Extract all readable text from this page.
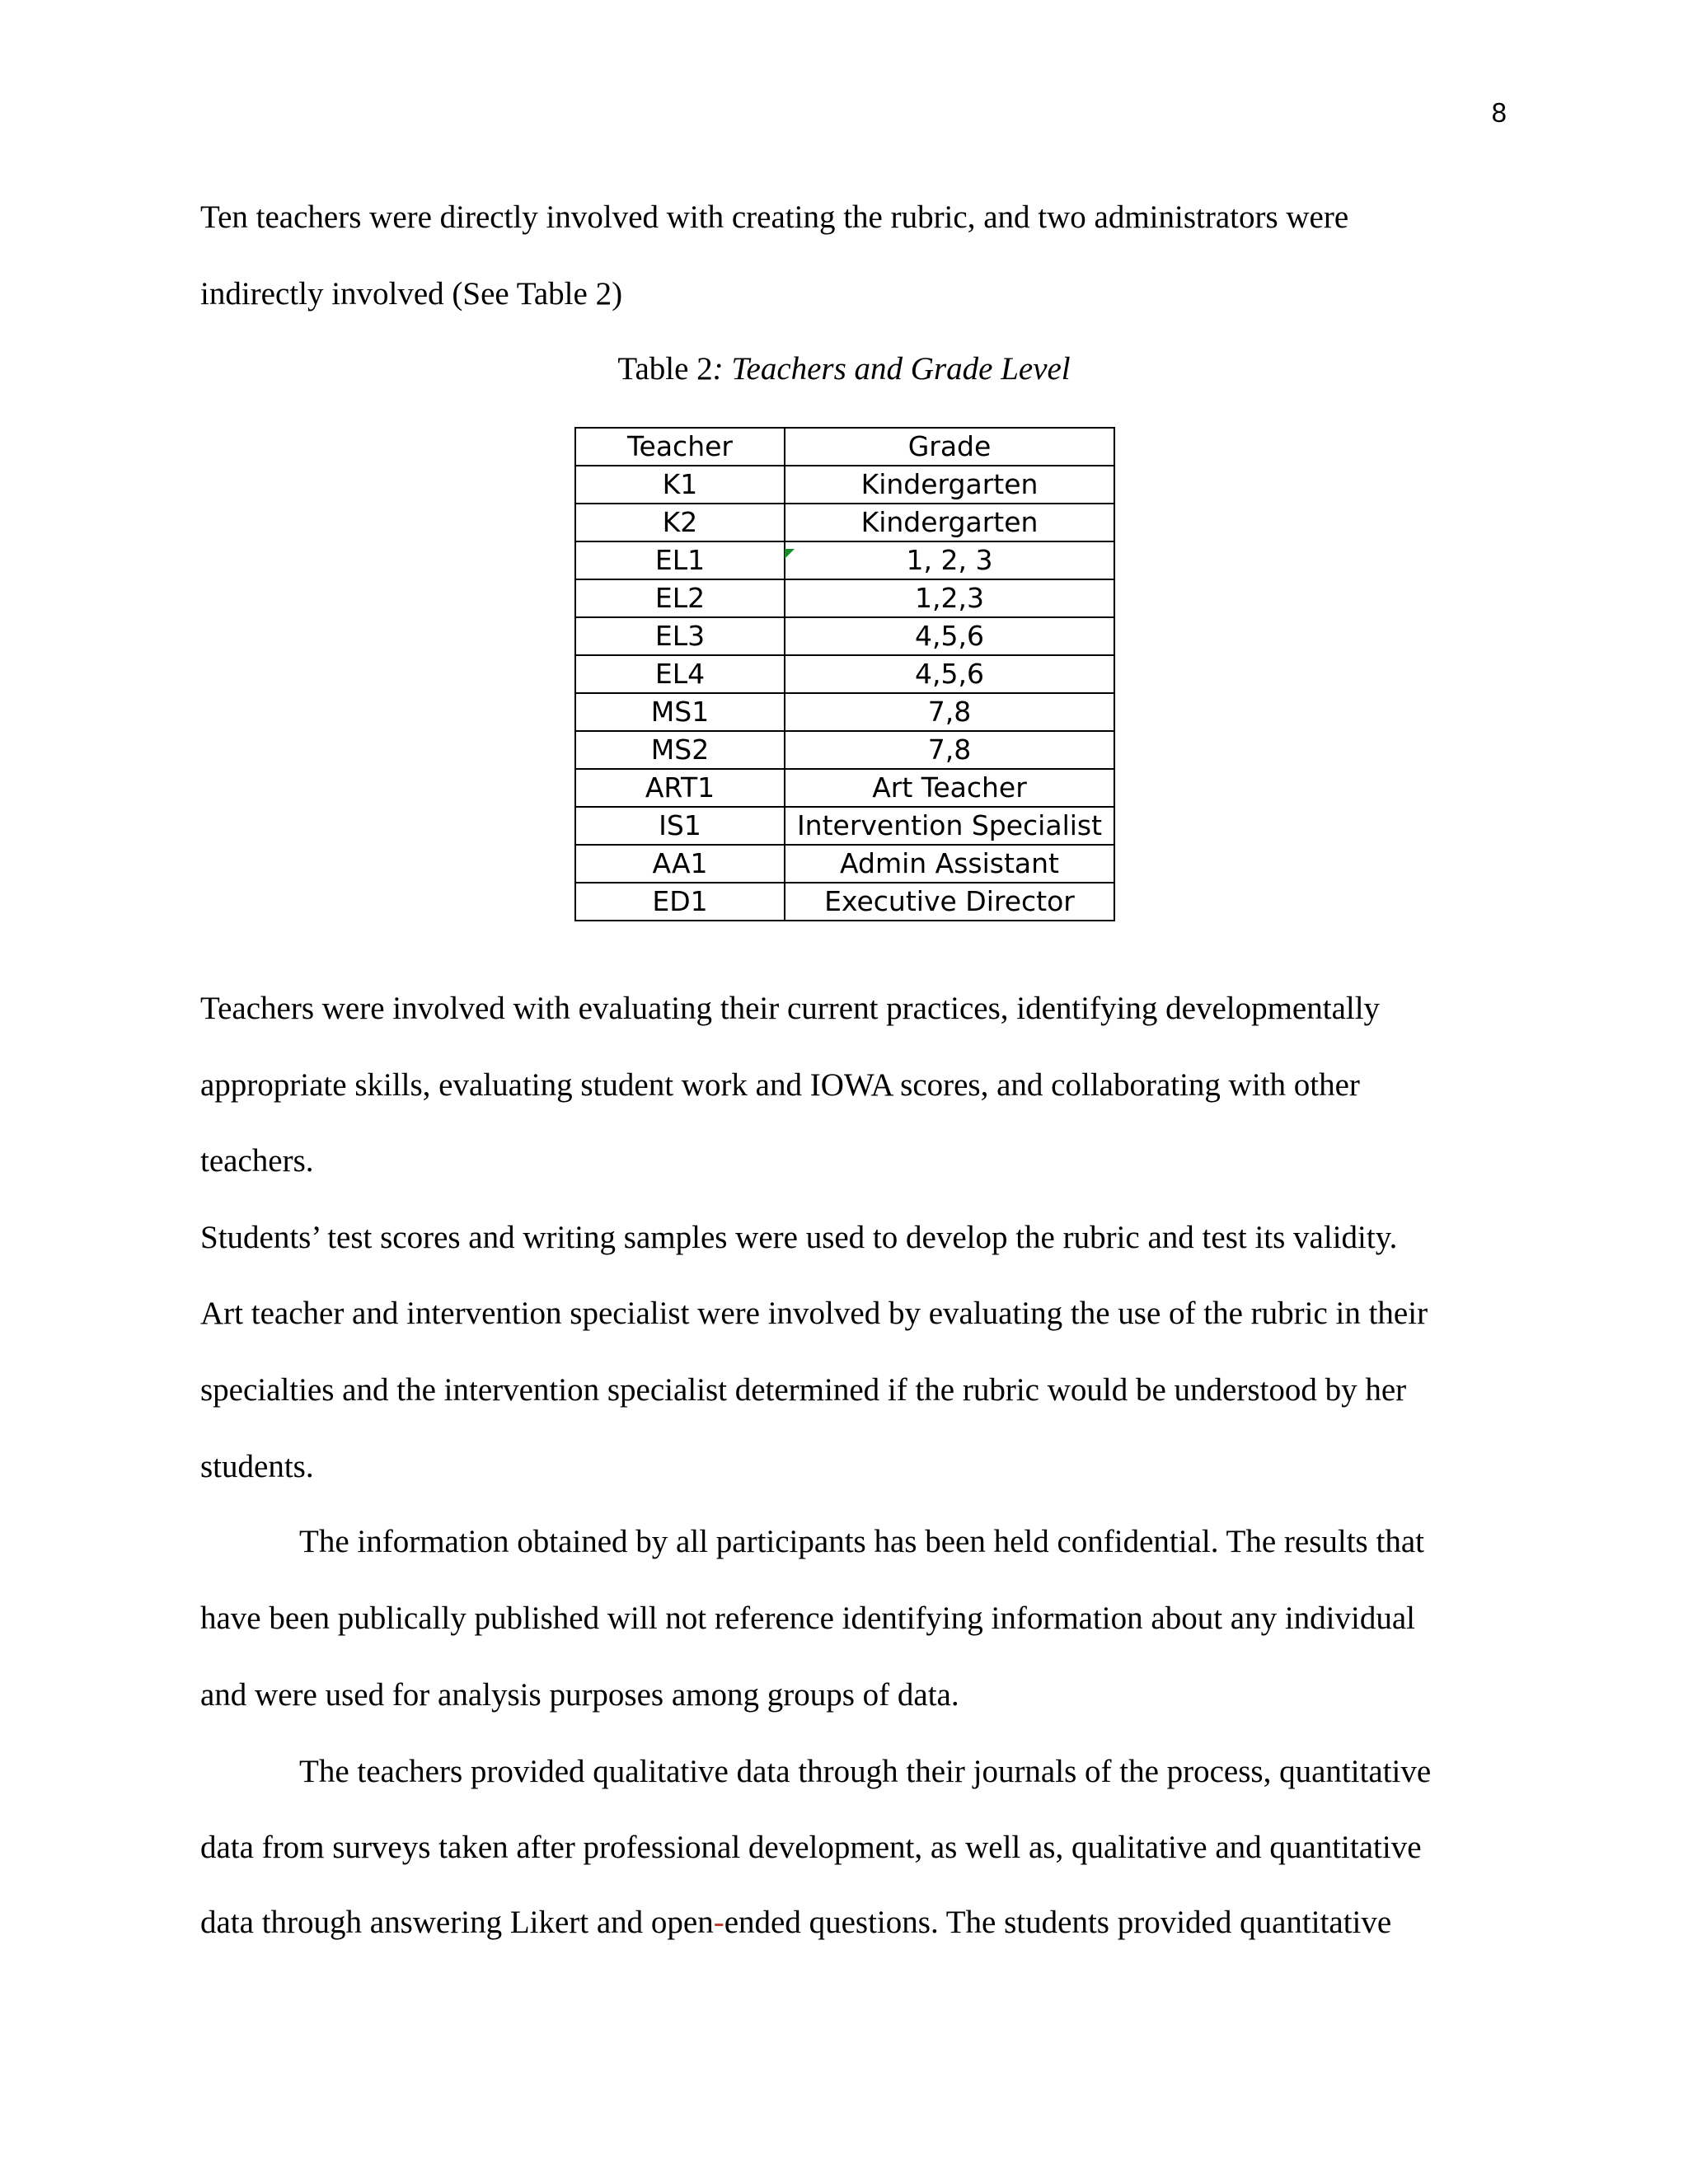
8
Ten teachers were directly involved with creating the rubric, and two administrators were
indirectly involved (See Table 2)
Table 2: Teachers and Grade Level
Teacher	Grade
K1	Kindergarten
K2	Kindergarten
EL1	1, 2, 3
EL2	1,2,3
EL3	4,5,6
EL4	4,5,6
MS1	7,8
MS2	7,8
ART1	Art Teacher
IS1	Intervention Specialist
AA1	Admin Assistant
ED1	Executive Director
Teachers were involved with evaluating their current practices, identifying developmentally
appropriate skills, evaluating student work and IOWA scores, and collaborating with other
teachers.
Students’ test scores and writing samples were used to develop the rubric and test its validity.
Art teacher and intervention specialist were involved by evaluating the use of the rubric in their
specialties and the intervention specialist determined if the rubric would be understood by her
students.
The information obtained by all participants has been held confidential. The results that
have been publically published will not reference identifying information about any individual
and were used for analysis purposes among groups of data.
The teachers provided qualitative data through their journals of the process, quantitative
data from surveys taken after professional development, as well as, qualitative and quantitative
data through answering Likert and open-ended questions. The students provided quantitative
